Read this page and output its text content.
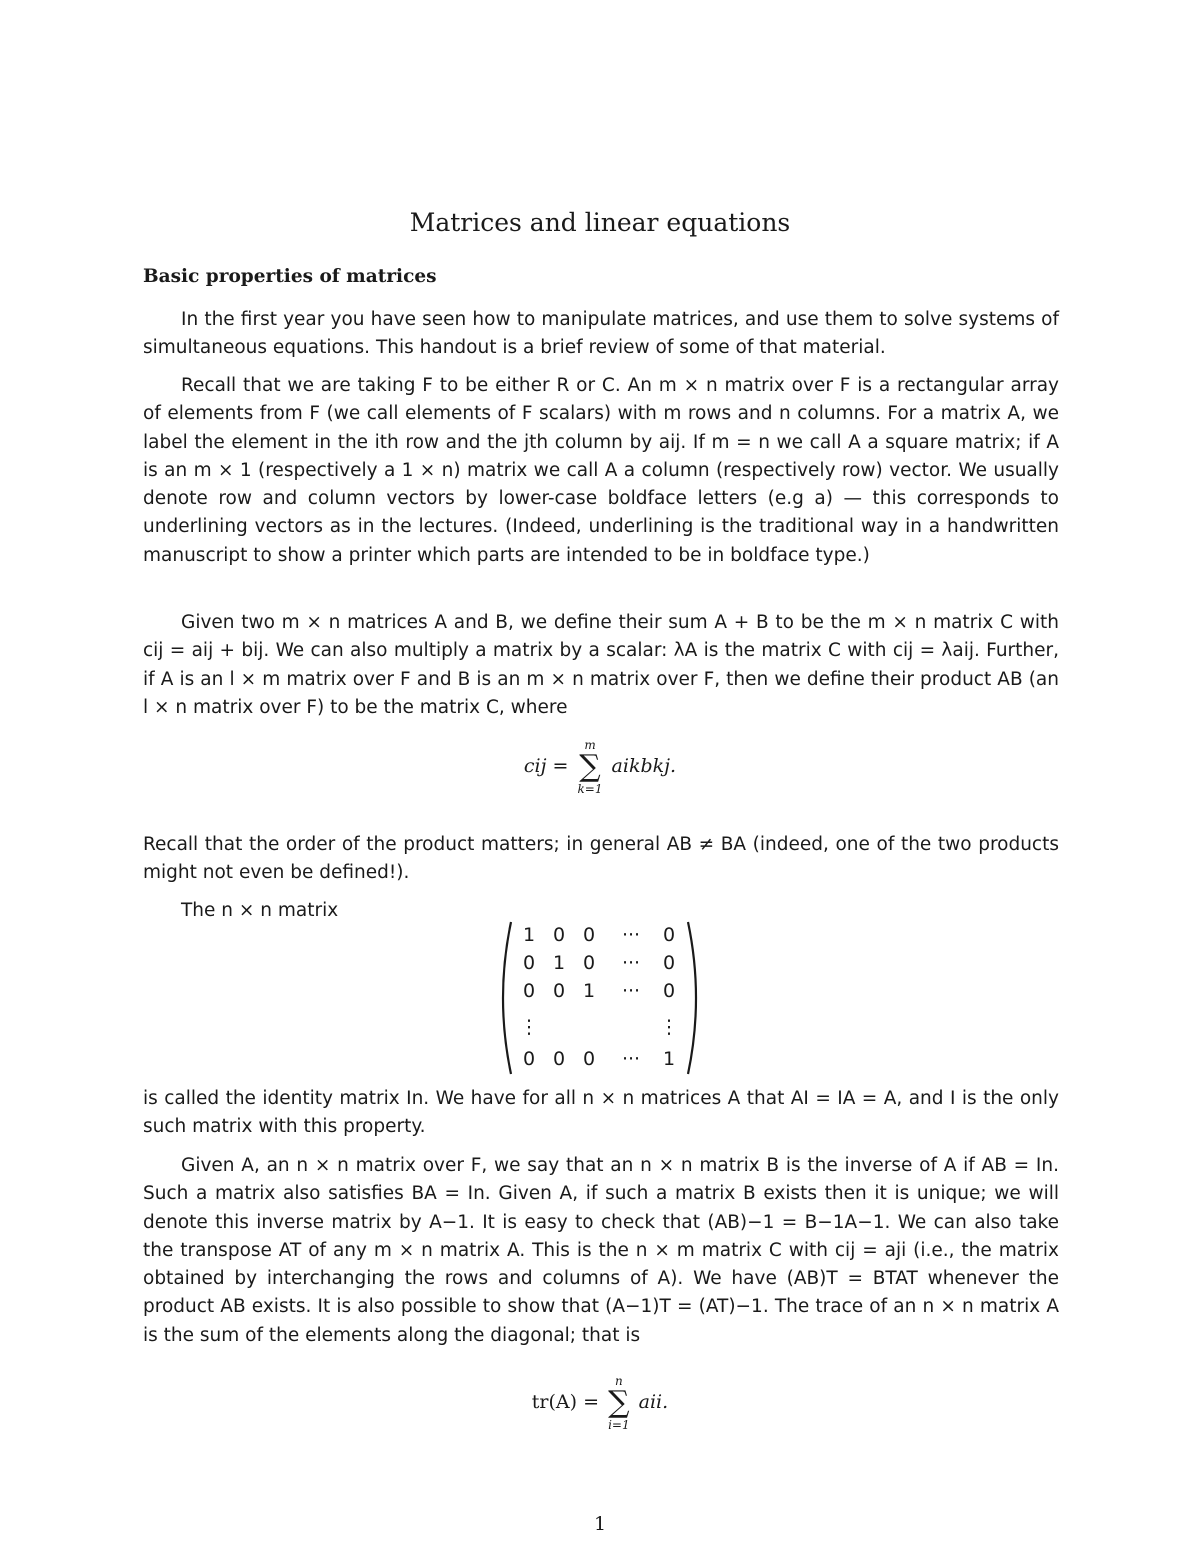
Matrices and linear equations
Basic properties of matrices
In the first year you have seen how to manipulate matrices, and use them to solve systems of simultaneous equations. This handout is a brief review of some of that material.
Recall that we are taking F to be either R or C. An m × n matrix over F is a rectangular array of elements from F (we call elements of F scalars) with m rows and n columns. For a matrix A, we label the element in the ith row and the jth column by aij. If m = n we call A a square matrix; if A is an m × 1 (respectively a 1 × n) matrix we call A a column (respectively row) vector. We usually denote row and column vectors by lower-case boldface letters (e.g a) — this corresponds to underlining vectors as in the lectures. (Indeed, underlining is the traditional way in a handwritten manuscript to show a printer which parts are intended to be in boldface type.)
Given two m × n matrices A and B, we define their sum A + B to be the m × n matrix C with cij = aij + bij. We can also multiply a matrix by a scalar: λA is the matrix C with cij = λaij. Further, if A is an l × m matrix over F and B is an m × n matrix over F, then we define their product AB (an l × n matrix over F) to be the matrix C, where
cij =
m
∑
k=1
aikbkj.
Recall that the order of the product matters; in general AB ≠ BA (indeed, one of the two products might not even be defined!).
The n × n matrix
1 0 0	···	0
0 1 0	···	0
0 0 1	···	0
⋮	⋮
0 0 0	···	1
is called the identity matrix In. We have for all n × n matrices A that AI = IA = A, and I is the only such matrix with this property.
Given A, an n × n matrix over F, we say that an n × n matrix B is the inverse of A if AB = In. Such a matrix also satisfies BA = In. Given A, if such a matrix B exists then it is unique; we will denote this inverse matrix by A−1. It is easy to check that (AB)−1 = B−1A−1. We can also take the transpose AT of any m × n matrix A. This is the n × m matrix C with cij = aji (i.e., the matrix obtained by interchanging the rows and columns of A). We have (AB)T = BTAT whenever the product AB exists. It is also possible to show that (A−1)T = (AT)−1. The trace of an n × n matrix A is the sum of the elements along the diagonal; that is
tr(A) =
n
∑
i=1
aii.
1
